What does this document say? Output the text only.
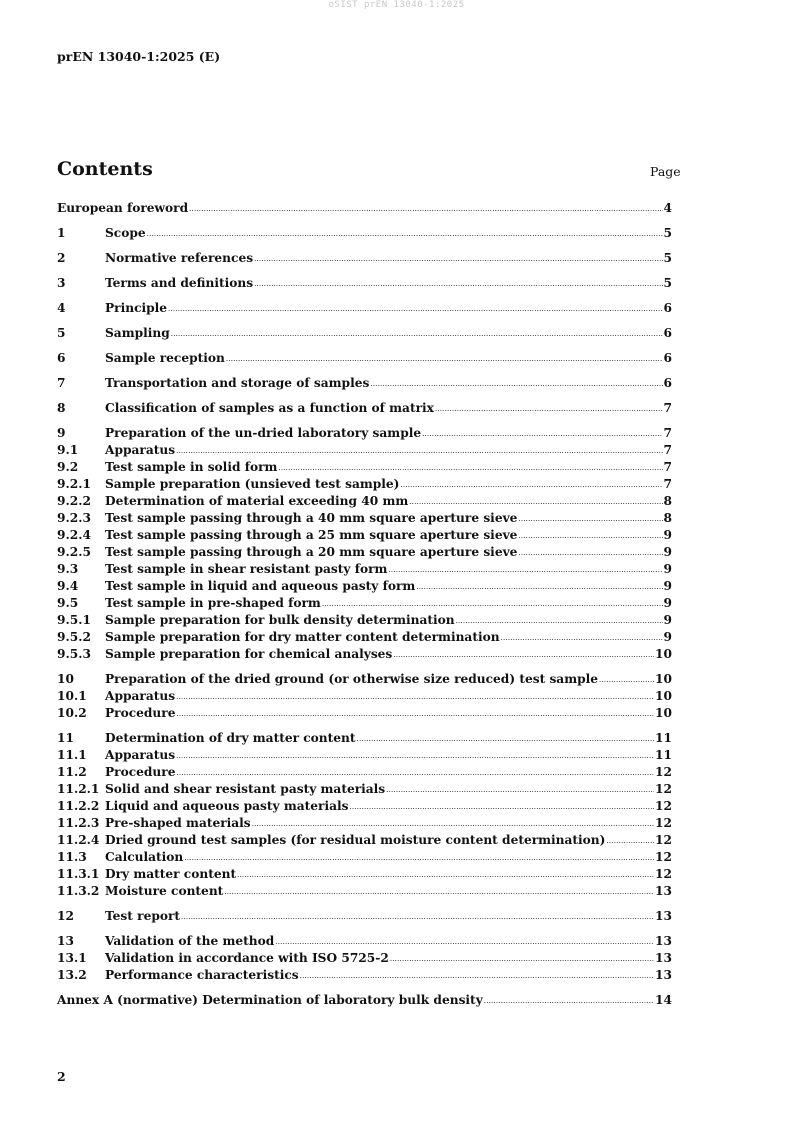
oSIST prEN 13040-1:2025
prEN 13040-1:2025 (E)
Contents	Page
European foreword .....	4
1	Scope .....	5
2	Normative references .....	5
3	Terms and definitions .....	5
4	Principle .....	6
5	Sampling .....	6
6	Sample reception .....	6
7	Transportation and storage of samples .....	6
8	Classification of samples as a function of matrix .....	7
9	Preparation of the un-dried laboratory sample .....	7
9.1	Apparatus .....	7
9.2	Test sample in solid form .....	7
9.2.1	Sample preparation (unsieved test sample) .....	7
9.2.2	Determination of material exceeding 40 mm .....	8
9.2.3	Test sample passing through a 40 mm square aperture sieve .....	8
9.2.4	Test sample passing through a 25 mm square aperture sieve .....	9
9.2.5	Test sample passing through a 20 mm square aperture sieve .....	9
9.3	Test sample in shear resistant pasty form .....	9
9.4	Test sample in liquid and aqueous pasty form .....	9
9.5	Test sample in pre-shaped form .....	9
9.5.1	Sample preparation for bulk density determination .....	9
9.5.2	Sample preparation for dry matter content determination .....	9
9.5.3	Sample preparation for chemical analyses .....	10
10	Preparation of the dried ground (or otherwise size reduced) test sample .....	10
10.1	Apparatus .....	10
10.2	Procedure .....	10
11	Determination of dry matter content .....	11
11.1	Apparatus .....	11
11.2	Procedure .....	12
11.2.1 Solid and shear resistant pasty materials .....	12
11.2.2 Liquid and aqueous pasty materials .....	12
11.2.3 Pre-shaped materials .....	12
11.2.4 Dried ground test samples (for residual moisture content determination) .....	12
11.3	Calculation .....	12
11.3.1 Dry matter content .....	12
11.3.2 Moisture content .....	13
12	Test report .....	13
13	Validation of the method .....	13
13.1	Validation in accordance with ISO 5725-2 .....	13
13.2	Performance characteristics .....	13
Annex A (normative) Determination of laboratory bulk density .....	14
2
